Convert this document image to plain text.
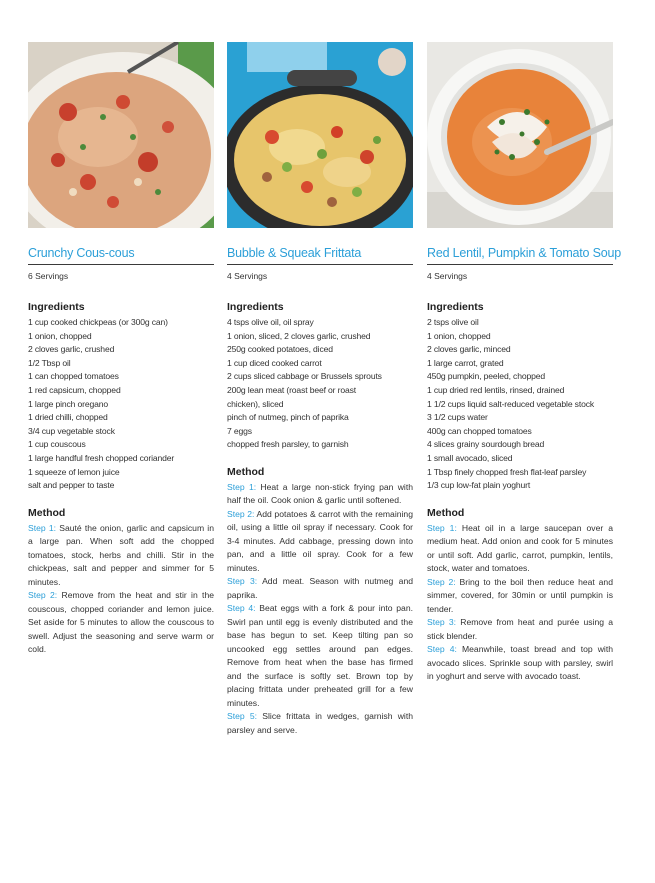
Crunchy Cous-cous
6 Servings
Ingredients
1 cup cooked chickpeas (or 300g can)
1 onion, chopped
2 cloves garlic, crushed
1/2 Tbsp oil
1 can chopped tomatoes
1 red capsicum, chopped
1 large pinch oregano
1 dried chilli, chopped
3/4 cup vegetable stock
1 cup couscous
1 large handful fresh chopped coriander
1 squeeze of lemon juice
salt and pepper to taste
Method

Step 1: Sauté the onion, garlic and capsicum in a large pan. When soft add the chopped tomatoes, stock, herbs and chilli. Stir in the chickpeas, salt and pepper and simmer for 5 minutes.

Step 2: Remove from the heat and stir in the couscous, chopped coriander and lemon juice. Set aside for 5 minutes to allow the couscous to swell. Adjust the seasoning and serve warm or cold.

Bubble & Squeak Frittata
4 Servings
Ingredients
4 tsps olive oil, oil spray
1 onion, sliced, 2 cloves garlic, crushed
250g cooked potatoes, diced
1 cup diced cooked carrot
2 cups sliced cabbage or Brussels sprouts
200g lean meat (roast beef or roast
chicken), sliced
pinch of nutmeg, pinch of paprika
7 eggs
chopped fresh parsley, to garnish
Method

Step 1: Heat a large non-stick frying pan with half the oil. Cook onion & garlic until softened.

Step 2: Add potatoes & carrot with the remaining oil, using a little oil spray if necessary. Cook for 3-4 minutes. Add cabbage, pressing down into pan, and a little oil spray. Cook for a few minutes.

Step 3: Add meat. Season with nutmeg and paprika.

Step 4: Beat eggs with a fork & pour into pan. Swirl pan until egg is evenly distributed and the base has begun to set. Keep tilting pan so uncooked egg settles around pan edges. Remove from heat when the base has firmed and the surface is softly set. Brown top by placing frittata under preheated grill for a few minutes.

Step 5: Slice frittata in wedges, garnish with parsley and serve.

Red Lentil, Pumpkin & Tomato Soup
4 Servings
Ingredients
2 tsps olive oil
1 onion, chopped
2 cloves garlic, minced
1 large carrot, grated
450g pumpkin, peeled, chopped
1 cup dried red lentils, rinsed, drained
1 1/2 cups liquid salt-reduced vegetable stock
3 1/2 cups water
400g can chopped tomatoes
4 slices grainy sourdough bread
1 small avocado, sliced
1 Tbsp finely chopped fresh flat-leaf parsley
1/3 cup low-fat plain yoghurt
Method

Step 1: Heat oil in a large saucepan over a medium heat. Add onion and cook for 5 minutes or until soft. Add garlic, carrot, pumpkin, lentils, stock, water and tomatoes.

Step 2: Bring to the boil then reduce heat and simmer, covered, for 30min or until pumpkin is tender.

Step 3: Remove from heat and purée using a stick blender.

Step 4: Meanwhile, toast bread and top with avocado slices. Sprinkle soup with parsley, swirl in yoghurt and serve with avocado toast.
